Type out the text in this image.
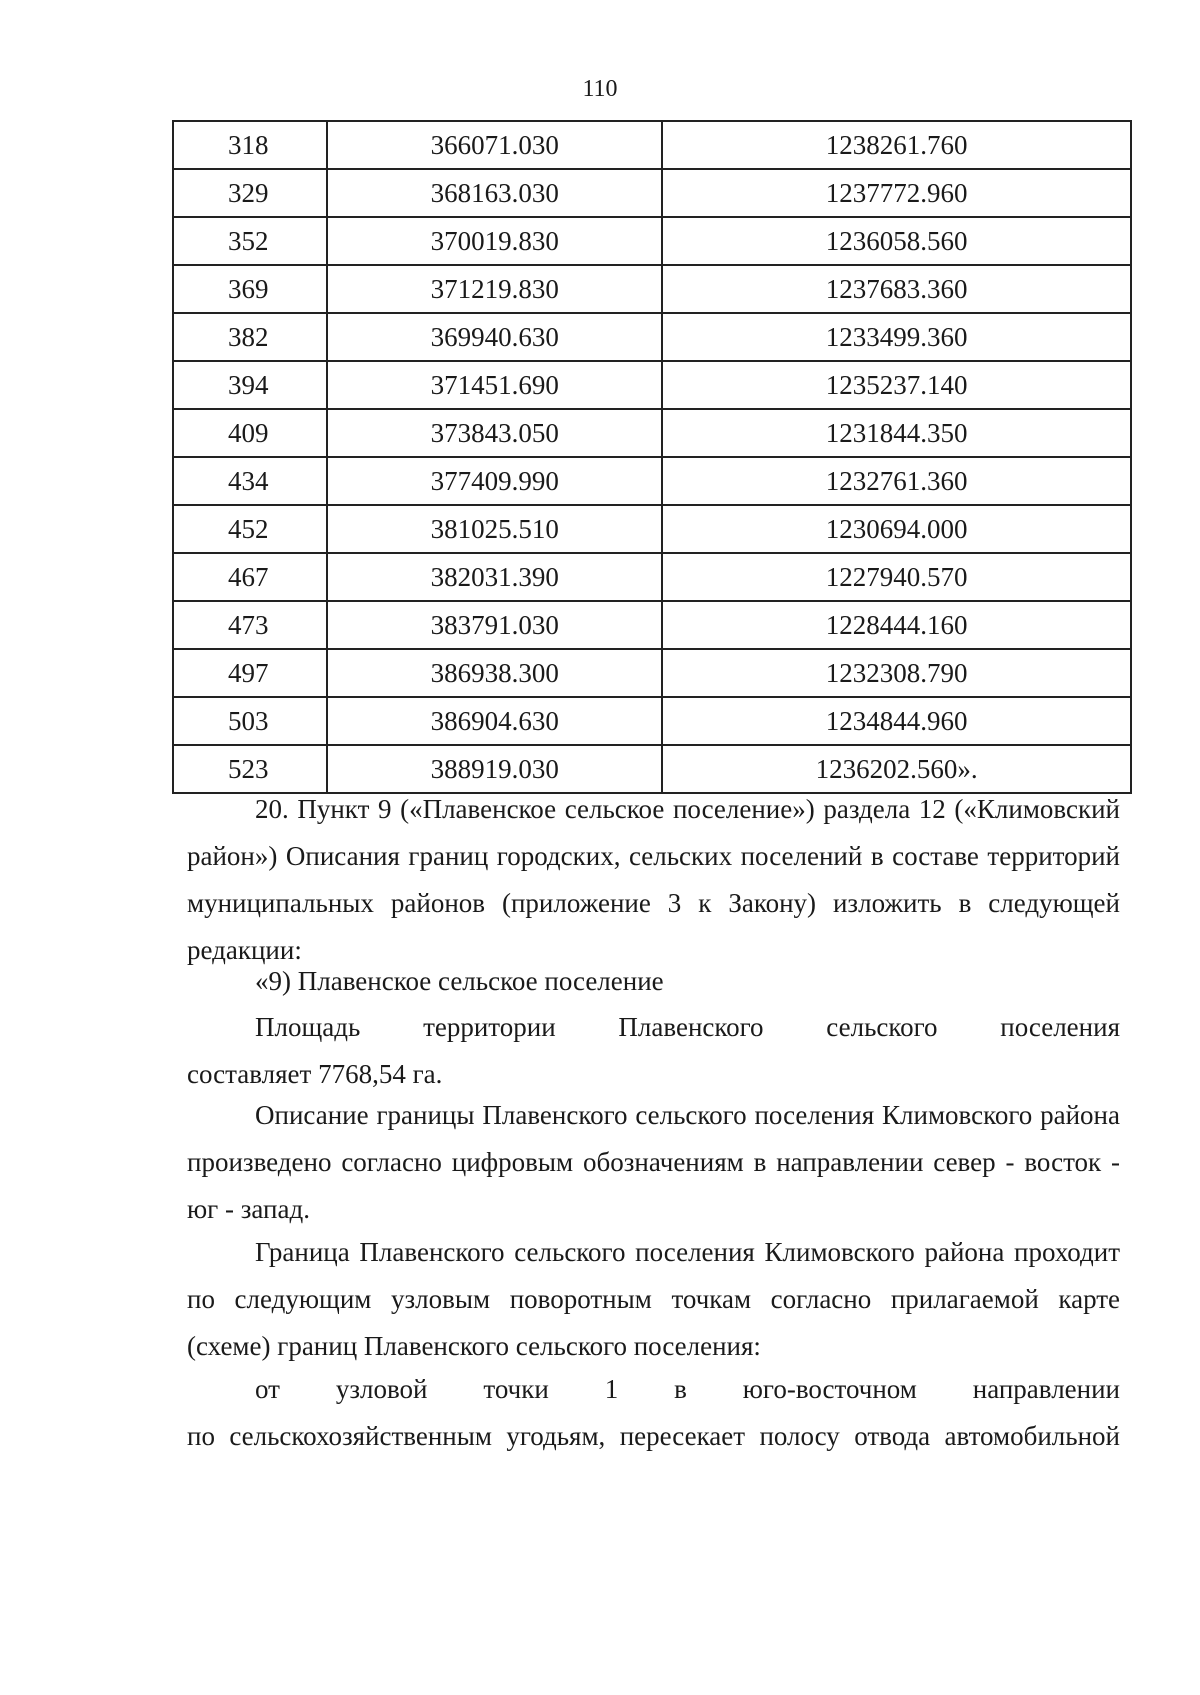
110
318	366071.030	1238261.760
329	368163.030	1237772.960
352	370019.830	1236058.560
369	371219.830	1237683.360
382	369940.630	1233499.360
394	371451.690	1235237.140
409	373843.050	1231844.350
434	377409.990	1232761.360
452	381025.510	1230694.000
467	382031.390	1227940.570
473	383791.030	1228444.160
497	386938.300	1232308.790
503	386904.630	1234844.960
523	388919.030	1236202.560».

20. Пункт 9 («Плавенское сельское поселение») раздела 12 («Климовский район») Описания границ городских, сельских поселений в составе территорий муниципальных районов (приложение 3 к Закону) изложить в следующей редакции:

«9) Плавенское сельское поселение

Площадь территории Плавенского сельского поселения

составляет 7768,54 га.

Описание границы Плавенского сельского поселения Климовского района произведено согласно цифровым обозначениям в направлении север - восток - юг - запад.

Граница Плавенского сельского поселения Климовского района проходит по следующим узловым поворотным точкам согласно прилагаемой карте (схеме) границ Плавенского сельского поселения:

от узловой точки 1 в юго-восточном направлении

по сельскохозяйственным угодьям, пересекает полосу отвода автомобильной
